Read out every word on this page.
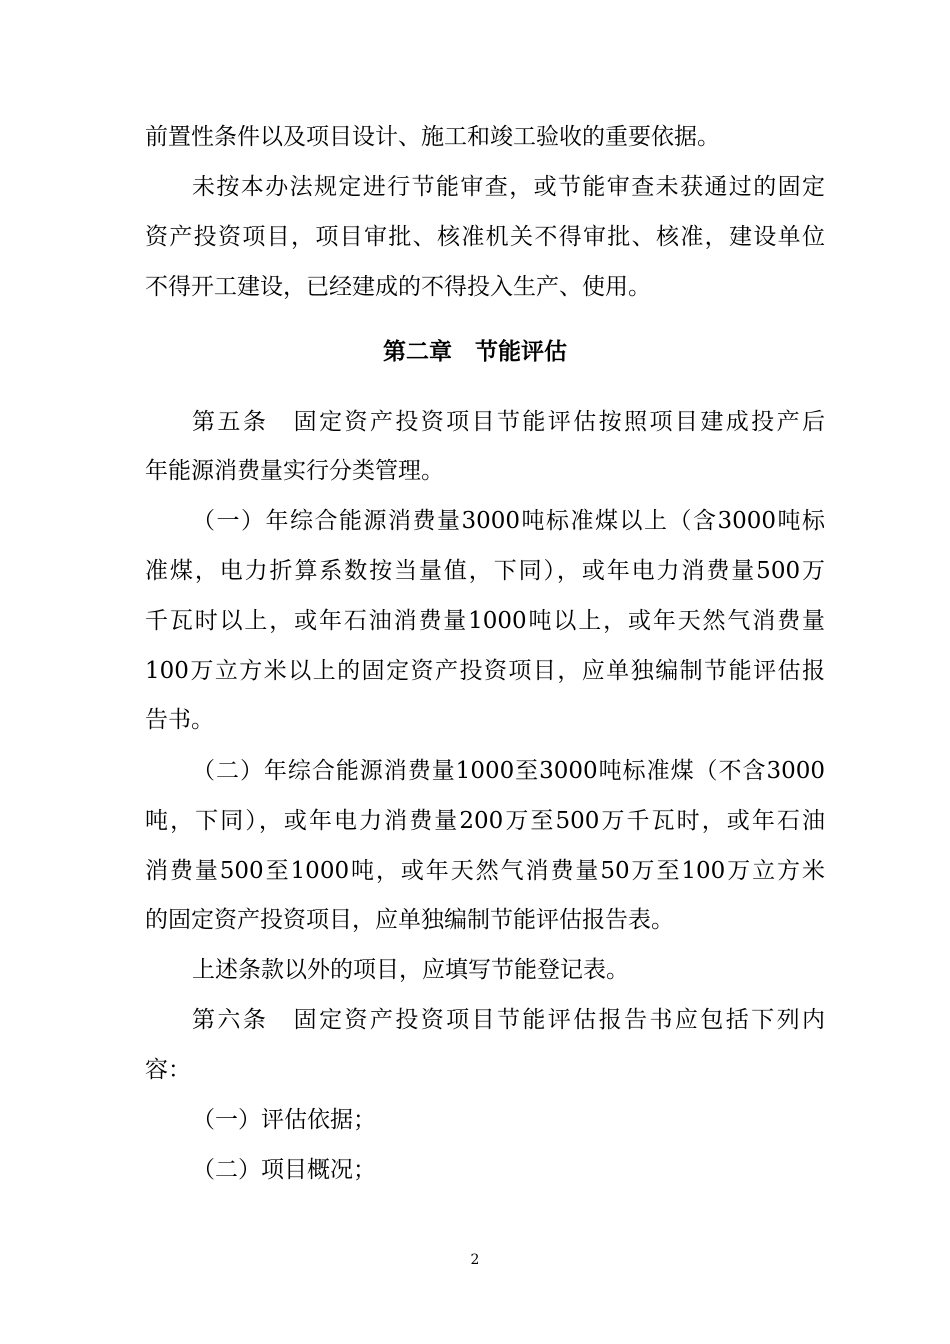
前置性条件以及项目设计、施工和竣工验收的重要依据。
未按本办法规定进行节能审查，或节能审查未获通过的固定
资产投资项目，项目审批、核准机关不得审批、核准，建设单位
不得开工建设，已经建成的不得投入生产、使用。
第二章　节能评估
第五条　固定资产投资项目节能评估按照项目建成投产后
年能源消费量实行分类管理。
（一）年综合能源消费量3000吨标准煤以上（含3000吨标
准煤，电力折算系数按当量值，下同），或年电力消费量500万
千瓦时以上，或年石油消费量1000吨以上，或年天然气消费量
100万立方米以上的固定资产投资项目，应单独编制节能评估报
告书。
（二）年综合能源消费量1000至3000吨标准煤（不含3000
吨，下同），或年电力消费量200万至500万千瓦时，或年石油
消费量500至1000吨，或年天然气消费量50万至100万立方米
的固定资产投资项目，应单独编制节能评估报告表。
上述条款以外的项目，应填写节能登记表。
第六条　固定资产投资项目节能评估报告书应包括下列内
容：
（一）评估依据；
（二）项目概况；
2
